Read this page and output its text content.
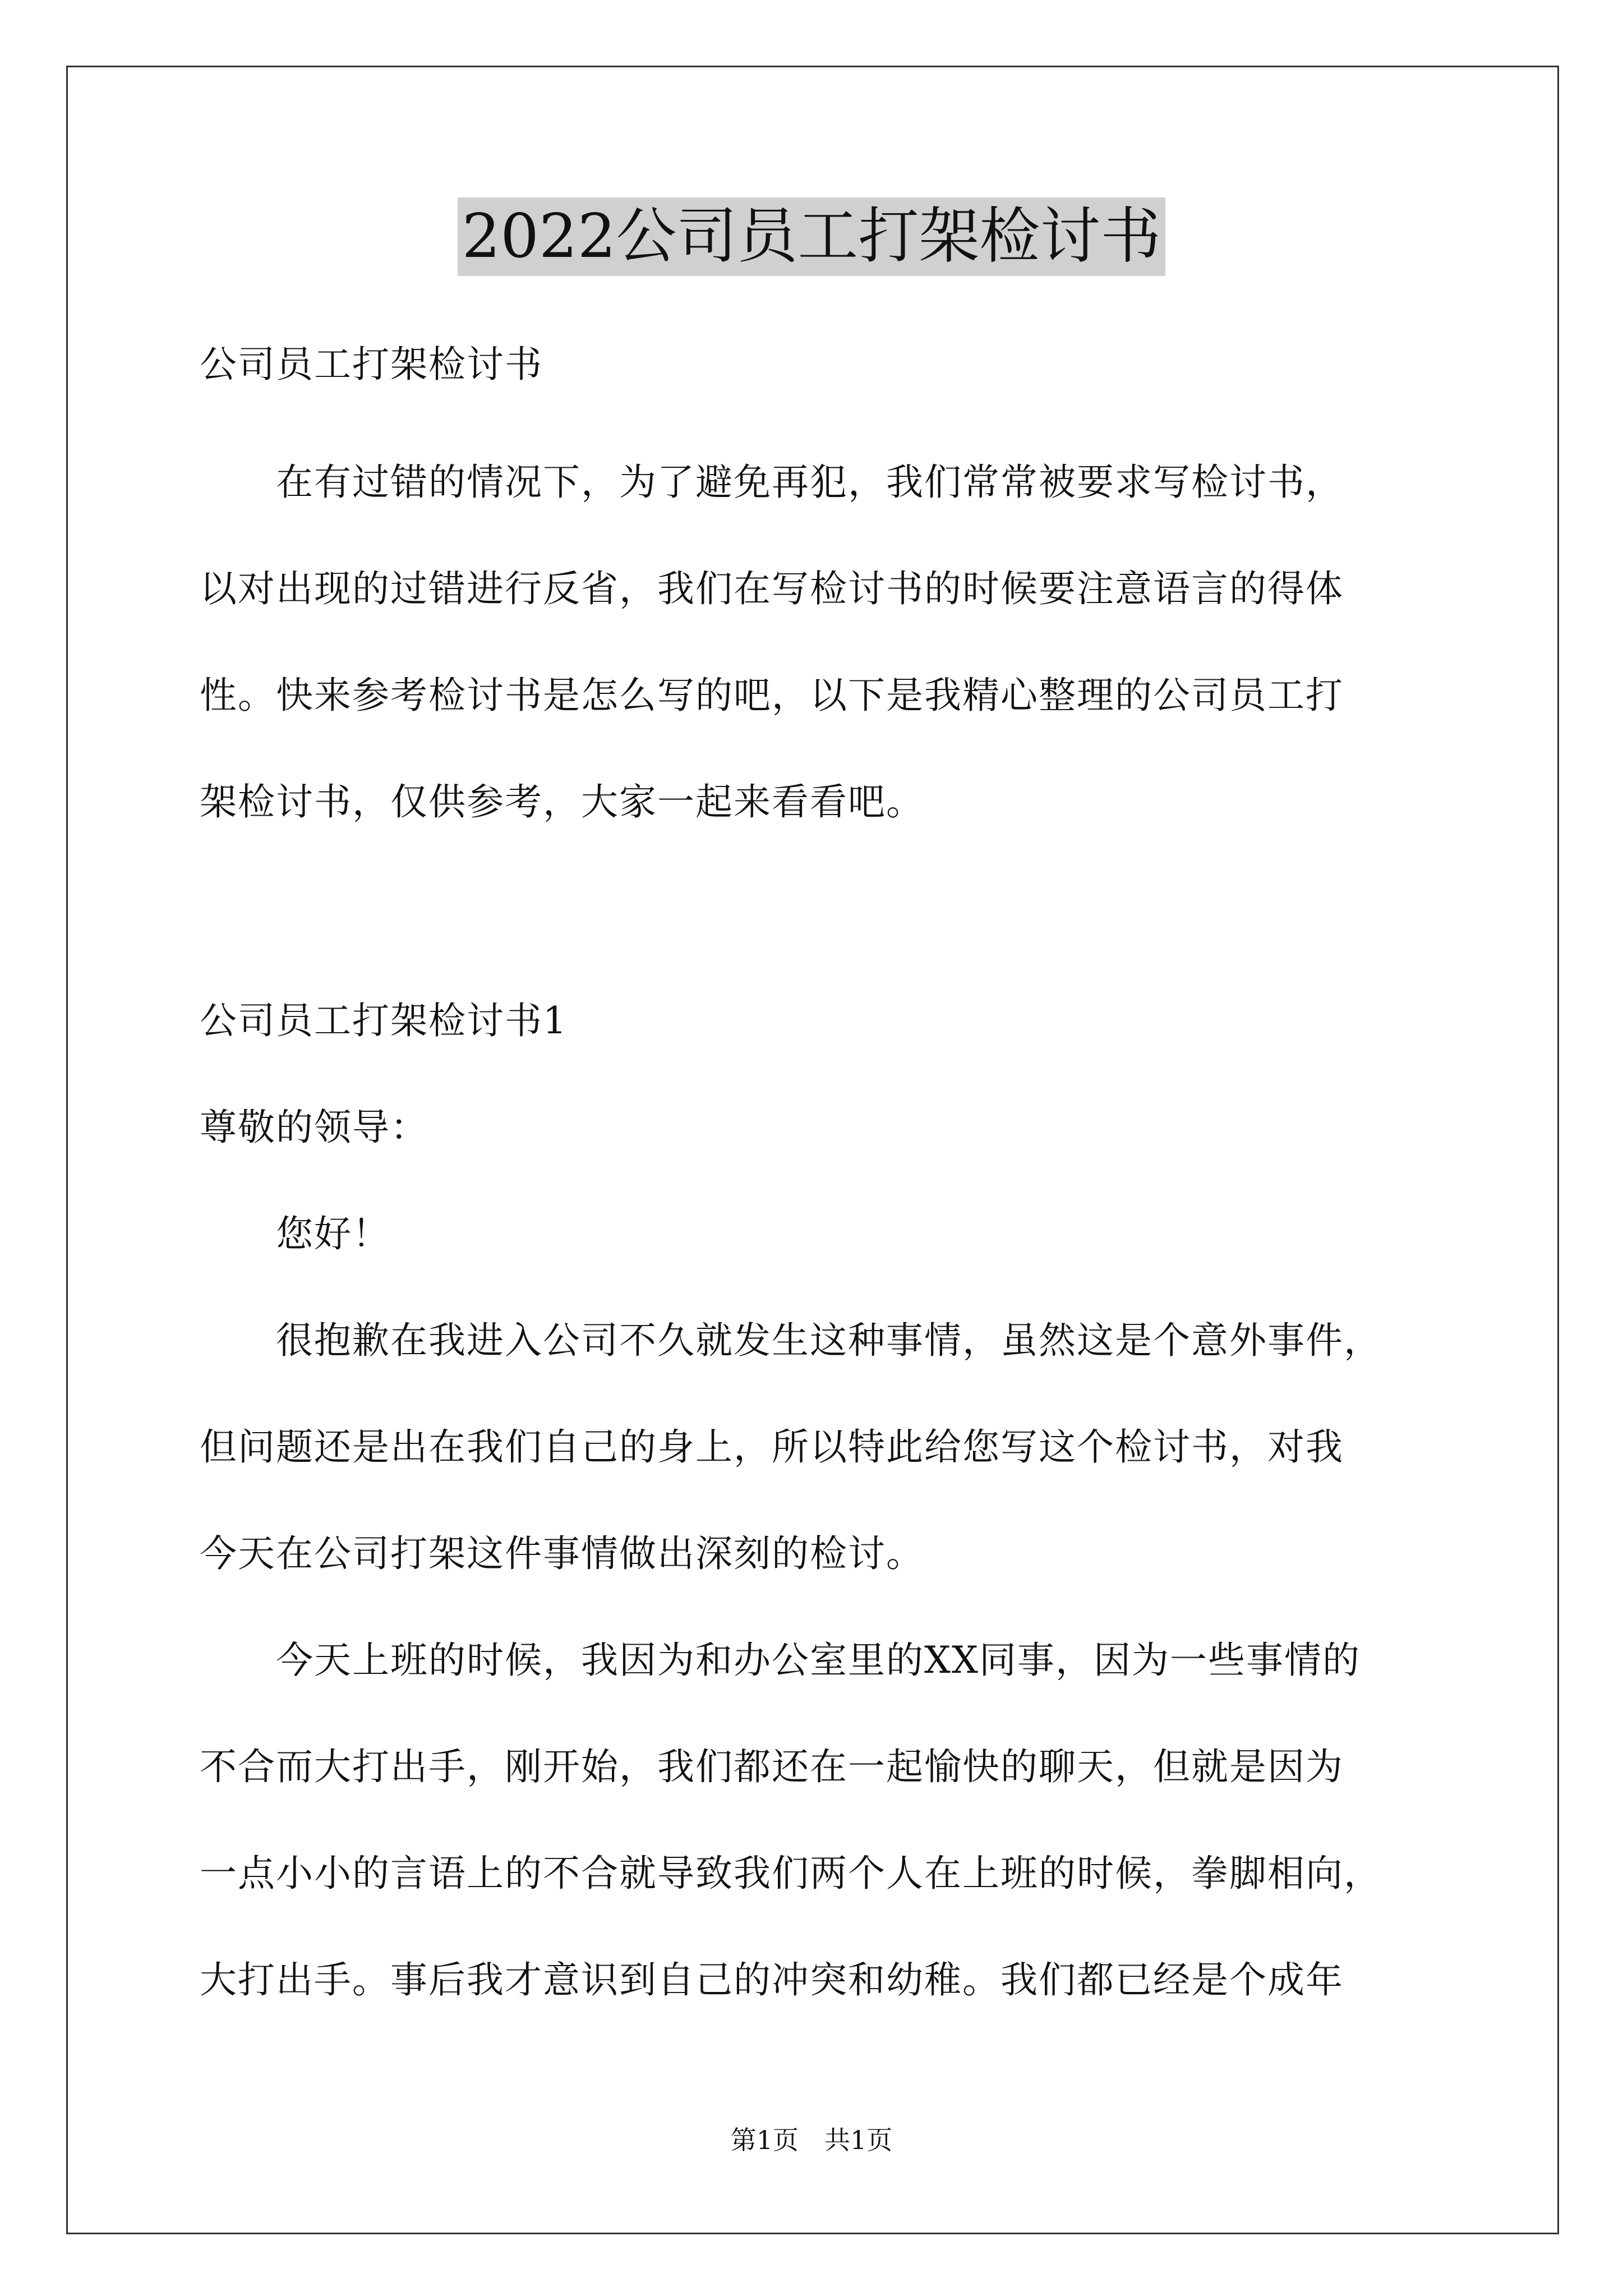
2022公司员工打架检讨书
公司员工打架检讨书
　　在有过错的情况下，为了避免再犯，我们常常被要求写检讨书，
以对出现的过错进行反省，我们在写检讨书的时候要注意语言的得体
性。快来参考检讨书是怎么写的吧，以下是我精心整理的公司员工打
架检讨书，仅供参考，大家一起来看看吧。
公司员工打架检讨书1
尊敬的领导：
　　您好！
　　很抱歉在我进入公司不久就发生这种事情，虽然这是个意外事件，
但问题还是出在我们自己的身上，所以特此给您写这个检讨书，对我
今天在公司打架这件事情做出深刻的检讨。
　　今天上班的时候，我因为和办公室里的XX同事，因为一些事情的
不合而大打出手，刚开始，我们都还在一起愉快的聊天，但就是因为
一点小小的言语上的不合就导致我们两个人在上班的时候，拳脚相向，
大打出手。事后我才意识到自己的冲突和幼稚。我们都已经是个成年
第1页　共1页
